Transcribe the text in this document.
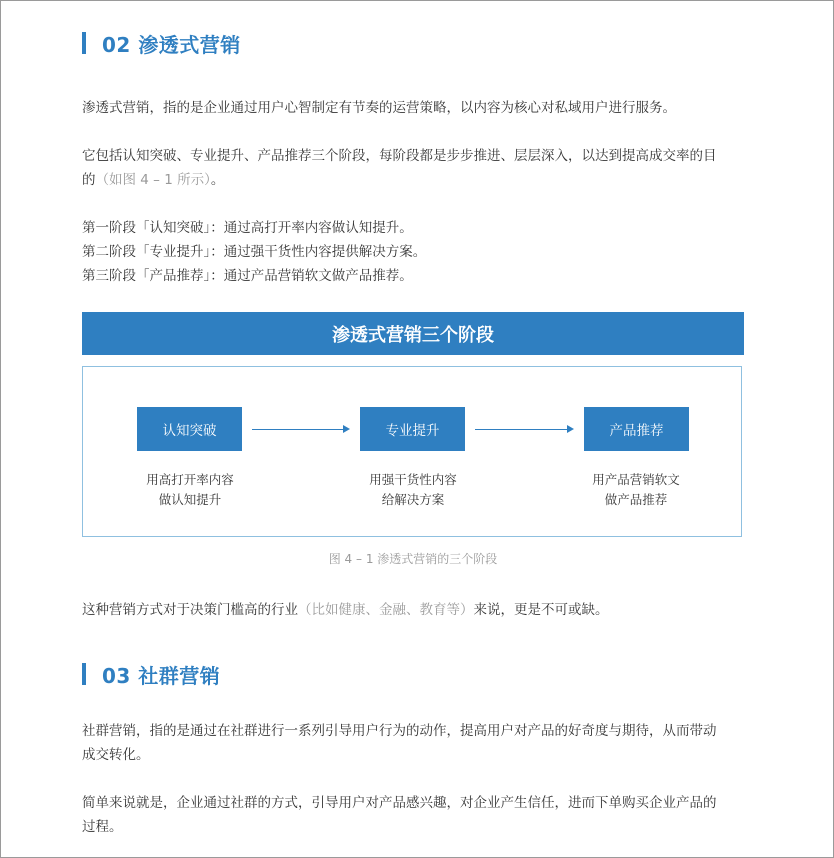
02 渗透式营销
渗透式营销，指的是企业通过用户心智制定有节奏的运营策略，以内容为核心对私域用户进行服务。
它包括认知突破、专业提升、产品推荐三个阶段，每阶段都是步步推进、层层深入，以达到提高成交率的目
的（如图 4 – 1 所示）。
第一阶段「认知突破」：通过高打开率内容做认知提升。
第二阶段「专业提升」：通过强干货性内容提供解决方案。
第三阶段「产品推荐」：通过产品营销软文做产品推荐。
渗透式营销三个阶段
认知突破	专业提升	产品推荐
用高打开率内容
做认知提升
用强干货性内容
给解决方案
用产品营销软文
做产品推荐
图 4 – 1 渗透式营销的三个阶段
这种营销方式对于决策门槛高的行业（比如健康、金融、教育等）来说，更是不可或缺。
03 社群营销
社群营销，指的是通过在社群进行一系列引导用户行为的动作，提高用户对产品的好奇度与期待，从而带动
成交转化。
简单来说就是，企业通过社群的方式，引导用户对产品感兴趣，对企业产生信任，进而下单购买企业产品的
过程。
